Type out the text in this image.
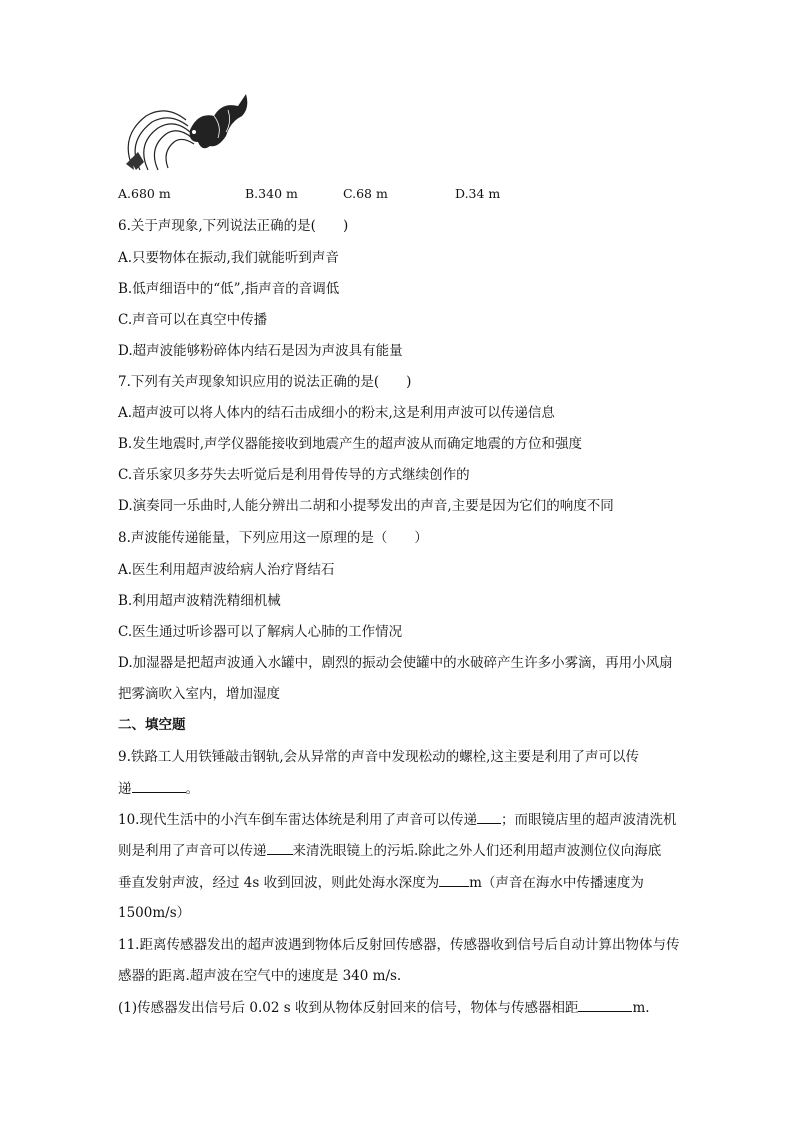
A.680 m	B.340 m	C.68 m	D.34 m
6.关于声现象,下列说法正确的是(　　)
A.只要物体在振动,我们就能听到声音
B.低声细语中的“低”,指声音的音调低
C.声音可以在真空中传播
D.超声波能够粉碎体内结石是因为声波具有能量
7.下列有关声现象知识应用的说法正确的是(　　)
A.超声波可以将人体内的结石击成细小的粉末,这是利用声波可以传递信息
B.发生地震时,声学仪器能接收到地震产生的超声波从而确定地震的方位和强度
C.音乐家贝多芬失去听觉后是利用骨传导的方式继续创作的
D.演奏同一乐曲时,人能分辨出二胡和小提琴发出的声音,主要是因为它们的响度不同
8.声波能传递能量，下列应用这一原理的是（　　）
A.医生利用超声波给病人治疗肾结石
B.利用超声波精洗精细机械
C.医生通过听诊器可以了解病人心肺的工作情况
D.加湿器是把超声波通入水罐中，剧烈的振动会使罐中的水破碎产生许多小雾滴，再用小风扇
把雾滴吹入室内，增加湿度
二、填空题
9.铁路工人用铁锤敲击钢轨,会从异常的声音中发现松动的螺栓,这主要是利用了声可以传
递	。
10.现代生活中的小汽车倒车雷达体统是利用了声音可以传递 ；而眼镜店里的超声波清洗机
则是利用了声音可以传递 来清洗眼镜上的污垢.除此之外人们还利用超声波测位仪向海底
垂直发射声波，经过 4s 收到回波，则此处海水深度为 m（声音在海水中传播速度为
1500m/s）
11.距离传感器发出的超声波遇到物体后反射回传感器，传感器收到信号后自动计算出物体与传
感器的距离.超声波在空气中的速度是 340 m/s.
(1)传感器发出信号后 0.02 s 收到从物体反射回来的信号，物体与传感器相距	m.
